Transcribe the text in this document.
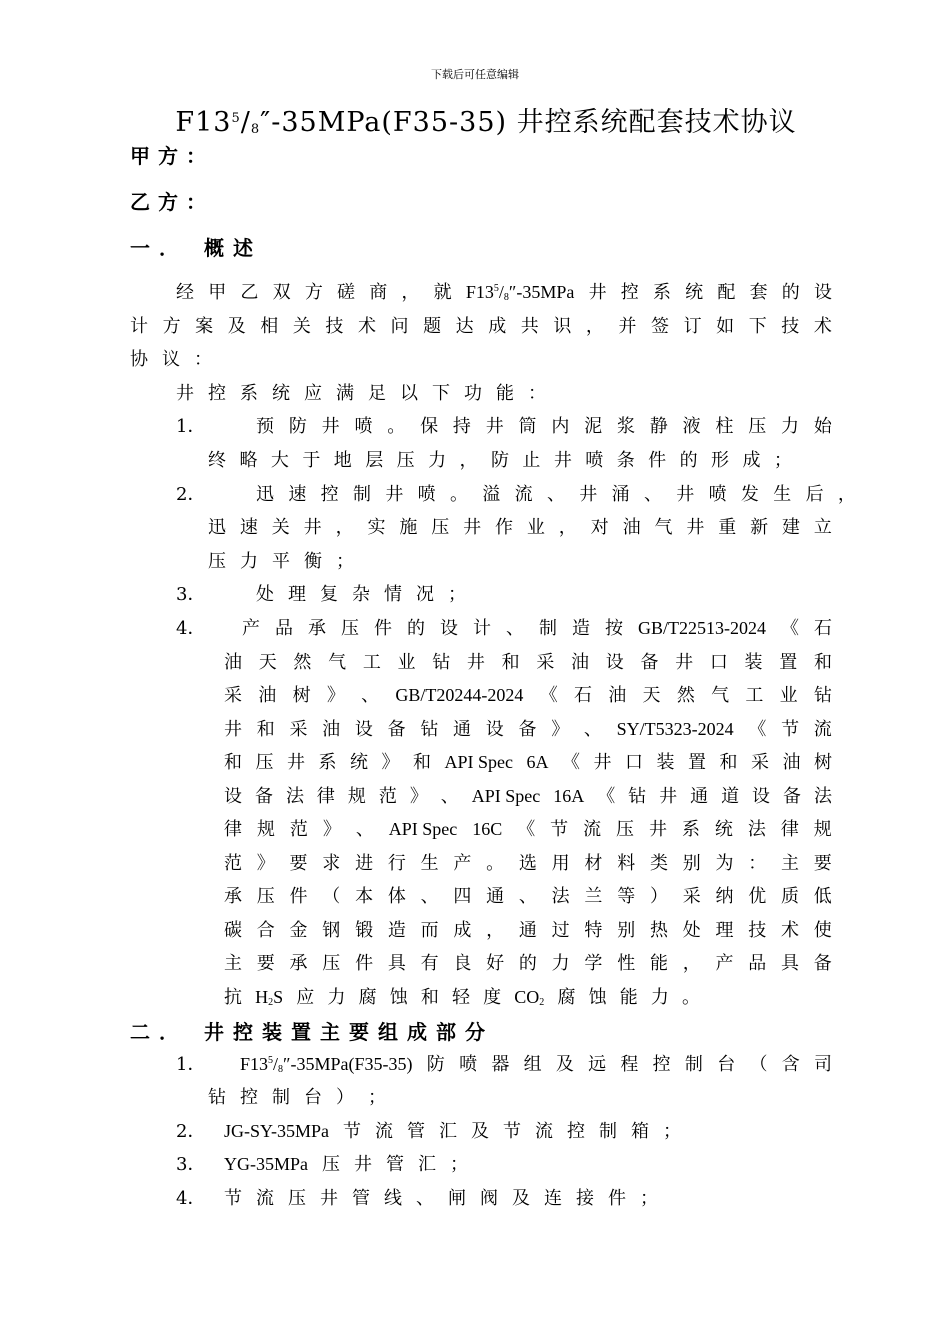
下载后可任意编辑
$F13^5/_8''-35MPa(F35-35)$ 井控系统配套技术协议
甲方：
乙方：
一． 概述
经 甲 乙 双 方 磋 商 ， 就 $F13^5/_8''-35MPa$ 井 控 系 统 配 套 的 设
计 方 案 及 相 关 技 术 问 题 达 成 共 识 ， 并 签 订 如 下 技 术
协 议 ：
井 控 系 统 应 满 足 以 下 功 能 ：
1．	预 防 井 喷 。 保 持 井 筒 内 泥 浆 静 液 柱 压 力 始
终 略 大 于 地 层 压 力 ， 防 止 井 喷 条 件 的 形 成 ；
2．	迅 速 控 制 井 喷 。 溢 流 、 井 涌 、 井 喷 发 生 后 ，
迅 速 关 井 ， 实 施 压 井 作 业 ， 对 油 气 井 重 新 建 立
压 力 平 衡 ；
3．	处 理 复 杂 情 况 ；
4． 产 品 承 压 件 的 设 计 、 制 造 按 GB/T22513-2024 《 石
油 天 然 气 工 业 钻 井 和 采 油 设 备 井 口 装 置 和
采 油 树 》 、 GB/T20244-2024 《 石 油 天 然 气 工 业 钻
井 和 采 油 设 备 钻 通 设 备 》 、 SY/T5323-2024 《 节 流
和 压 井 系 统 》 和 API Spec 6A 《 井 口 装 置 和 采 油 树
设 备 法 律 规 范 》 、 API Spec 16A 《 钻 井 通 道 设 备 法
律 规 范 》 、 API Spec 16C 《 节 流 压 井 系 统 法 律 规
范 》 要 求 进 行 生 产 。 选 用 材 料 类 别 为 ： 主 要
承 压 件 （ 本 体 、 四 通 、 法 兰 等 ） 采 纳 优 质 低
碳 合 金 钢 锻 造 而 成 ， 通 过 特 别 热 处 理 技 术 使
主 要 承 压 件 具 有 良 好 的 力 学 性 能 ， 产 品 具 备
抗 $H_2S$ 应 力 腐 蚀 和 轻 度 $CO_2$ 腐 蚀 能 力 。
二． 井控装置主要组成部分
1． $F13^5/_8''-35MPa(F35-35)$ 防 喷 器 组 及 远 程 控 制 台 （ 含 司
钻 控 制 台 ） ；
2． JG-SY-35MPa 节 流 管 汇 及 节 流 控 制 箱 ；
3． YG-35MPa 压 井 管 汇 ；
4． 节 流 压 井 管 线 、 闸 阀 及 连 接 件 ；
